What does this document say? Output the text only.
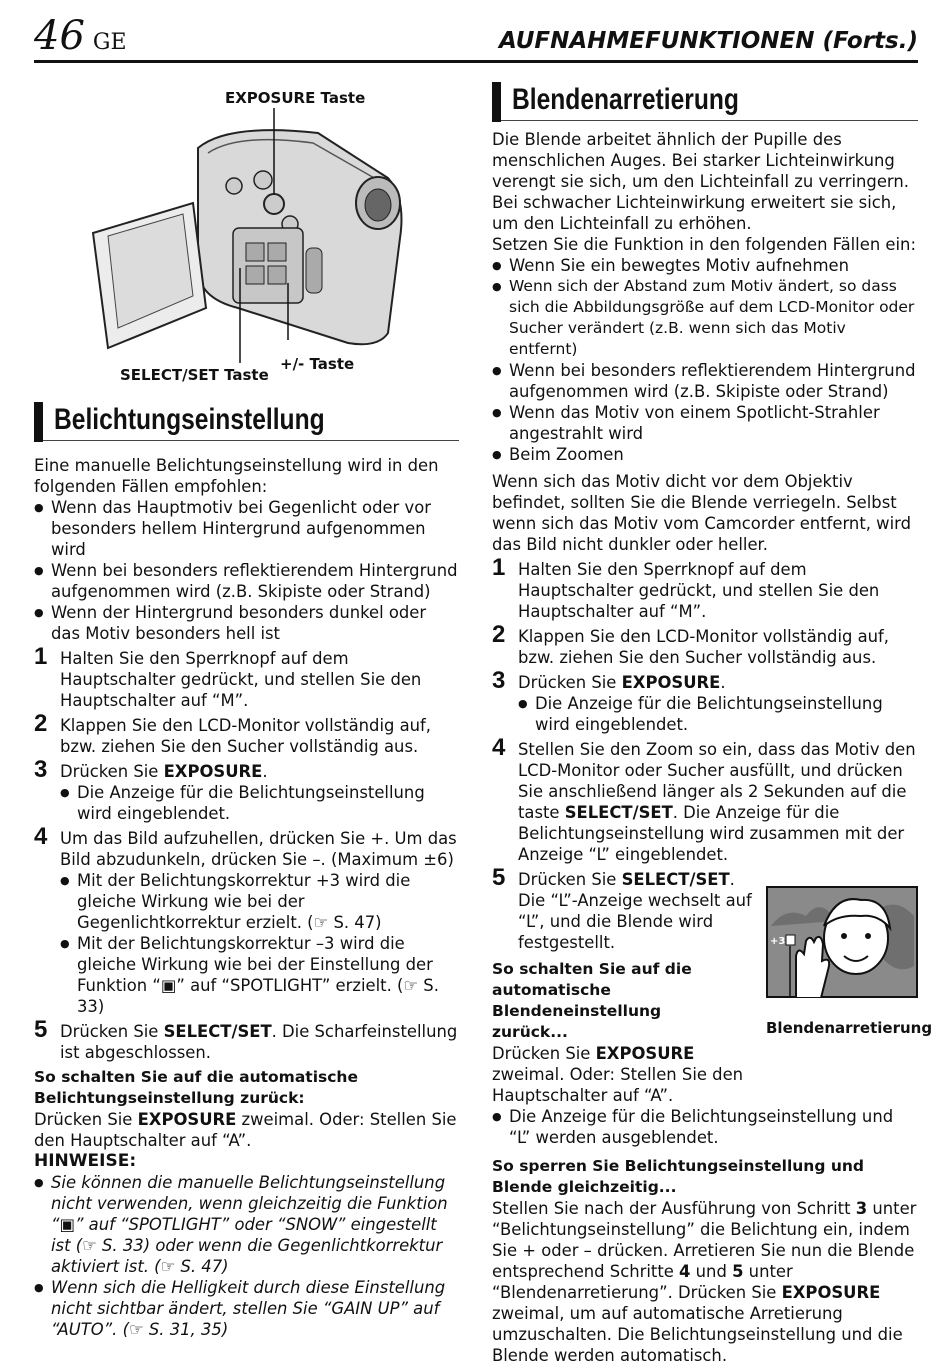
46 GE	AUFNAHMEFUNKTIONEN (Forts.)
EXPOSURE Taste
SELECT/SET Taste
+/- Taste
Belichtungseinstellung

Eine manuelle Belichtungseinstellung wird in den folgenden Fällen empfohlen:

● Wenn das Hauptmotiv bei Gegenlicht oder vor besonders hellem Hintergrund aufgenommen wird
● Wenn bei besonders reflektierendem Hintergrund aufgenommen wird (z.B. Skipiste oder Strand)
● Wenn der Hintergrund besonders dunkel oder das Motiv besonders hell ist
1 Halten Sie den Sperrknopf auf dem Hauptschalter gedrückt, und stellen Sie den Hauptschalter auf “M”.
2 Klappen Sie den LCD-Monitor vollständig auf, bzw. ziehen Sie den Sucher vollständig aus.
3 Drücken Sie EXPOSURE.
● Die Anzeige für die Belichtungseinstellung wird eingeblendet.
4 Um das Bild aufzuhellen, drücken Sie +. Um das Bild abzudunkeln, drücken Sie –. (Maximum ±6)
● Mit der Belichtungskorrektur +3 wird die gleiche Wirkung wie bei der Gegenlichtkorrektur erzielt. (☞ S. 47)
● Mit der Belichtungskorrektur –3 wird die gleiche Wirkung wie bei der Einstellung der Funktion “▣” auf “SPOTLIGHT” erzielt. (☞ S. 33)
5 Drücken Sie SELECT/SET. Die Scharfeinstellung ist abgeschlossen.

So schalten Sie auf die automatische Belichtungseinstellung zurück:

Drücken Sie EXPOSURE zweimal. Oder: Stellen Sie den Hauptschalter auf “A”.

HINWEISE:

● Sie können die manuelle Belichtungseinstellung nicht verwenden, wenn gleichzeitig die Funktion “▣” auf “SPOTLIGHT” oder “SNOW” eingestellt ist (☞ S. 33) oder wenn die Gegenlichtkorrektur aktiviert ist. (☞ S. 47)
● Wenn sich die Helligkeit durch diese Einstellung nicht sichtbar ändert, stellen Sie “GAIN UP” auf “AUTO”. (☞ S. 31, 35)
Blendenarretierung

Die Blende arbeitet ähnlich der Pupille des menschlichen Auges. Bei starker Lichteinwirkung verengt sie sich, um den Lichteinfall zu verringern. Bei schwacher Lichteinwirkung erweitert sie sich, um den Lichteinfall zu erhöhen.

Setzen Sie die Funktion in den folgenden Fällen ein:

● Wenn Sie ein bewegtes Motiv aufnehmen
● Wenn sich der Abstand zum Motiv ändert, so dass sich die Abbildungsgröße auf dem LCD-Monitor oder Sucher verändert (z.B. wenn sich das Motiv entfernt)
● Wenn bei besonders reflektierendem Hintergrund aufgenommen wird (z.B. Skipiste oder Strand)
● Wenn das Motiv von einem Spotlicht-Strahler angestrahlt wird
● Beim Zoomen

Wenn sich das Motiv dicht vor dem Objektiv befindet, sollten Sie die Blende verriegeln. Selbst wenn sich das Motiv vom Camcorder entfernt, wird das Bild nicht dunkler oder heller.

1 Halten Sie den Sperrknopf auf dem Hauptschalter gedrückt, und stellen Sie den Hauptschalter auf “M”.
2 Klappen Sie den LCD-Monitor vollständig auf, bzw. ziehen Sie den Sucher vollständig aus.
3 Drücken Sie EXPOSURE.
● Die Anzeige für die Belichtungseinstellung wird eingeblendet.
4 Stellen Sie den Zoom so ein, dass das Motiv den LCD-Monitor oder Sucher ausfüllt, und drücken Sie anschließend länger als 2 Sekunden auf die taste SELECT/SET. Die Anzeige für die Belichtungseinstellung wird zusammen mit der Anzeige “L” eingeblendet.
5 Drücken Sie SELECT/SET.
Die “L”-Anzeige wechselt auf “L”, und die Blende wird festgestellt.

So schalten Sie auf die automatische Blendeneinstellung zurück...

Drücken Sie EXPOSURE zweimal. Oder: Stellen Sie den Hauptschalter auf “A”.

● Die Anzeige für die Belichtungseinstellung und “L” werden ausgeblendet.

So sperren Sie Belichtungseinstellung und Blende gleichzeitig...

Stellen Sie nach der Ausführung von Schritt 3 unter “Belichtungseinstellung” die Belichtung ein, indem Sie + oder – drücken. Arretieren Sie nun die Blende entsprechend Schritte 4 und 5 unter “Blendenarretierung”. Drücken Sie EXPOSURE zweimal, um auf automatische Arretierung umzuschalten. Die Belichtungseinstellung und die Blende werden automatisch.

+3
Blendenarretierung
